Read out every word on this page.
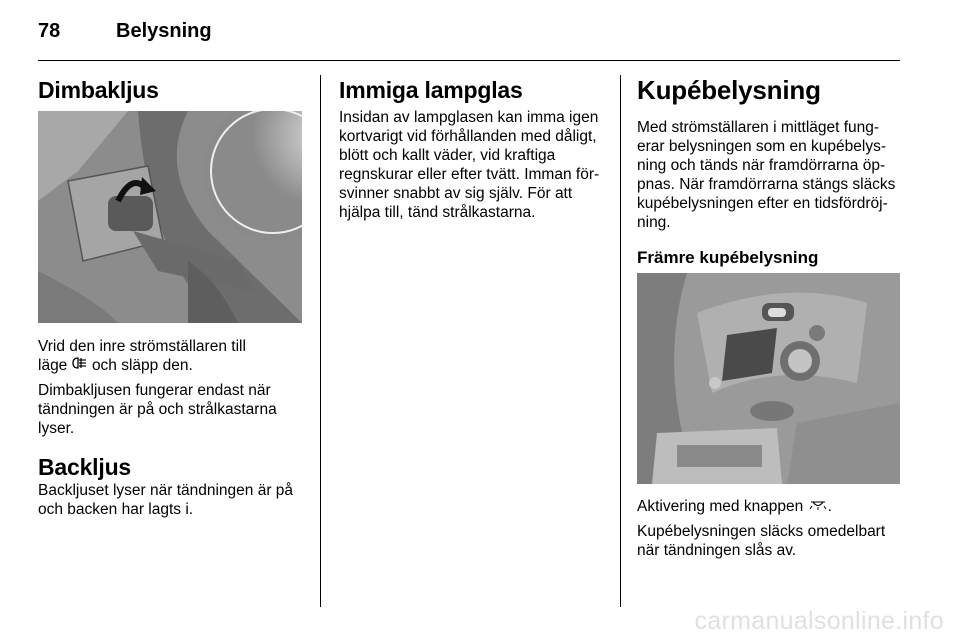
78	Belysning
Dimbakljus

Vrid den inre strömställaren till

läge och släpp den.

Dimbakljusen fungerar endast när tändningen är på och strålkastarna lyser.

Backljus

Backljuset lyser när tändningen är på och backen har lagts i.

Immiga lampglas

Insidan av lampglasen kan imma igen kortvarigt vid förhållanden med dåligt, blött och kallt väder, vid kraftiga regnskurar eller efter tvätt. Imman för-svinner snabbt av sig själv. För att hjälpa till, tänd strålkastarna.

Kupébelysning

Med strömställaren i mittläget fung-erar belysningen som en kupébelys-ning och tänds när framdörrarna öp-pnas. När framdörrarna stängs släcks kupébelysningen efter en tidsfördröj-ning.

Främre kupébelysning

Aktivering med knappen .

Kupébelysningen släcks omedelbart när tändningen slås av.

carmanualsonline.info
